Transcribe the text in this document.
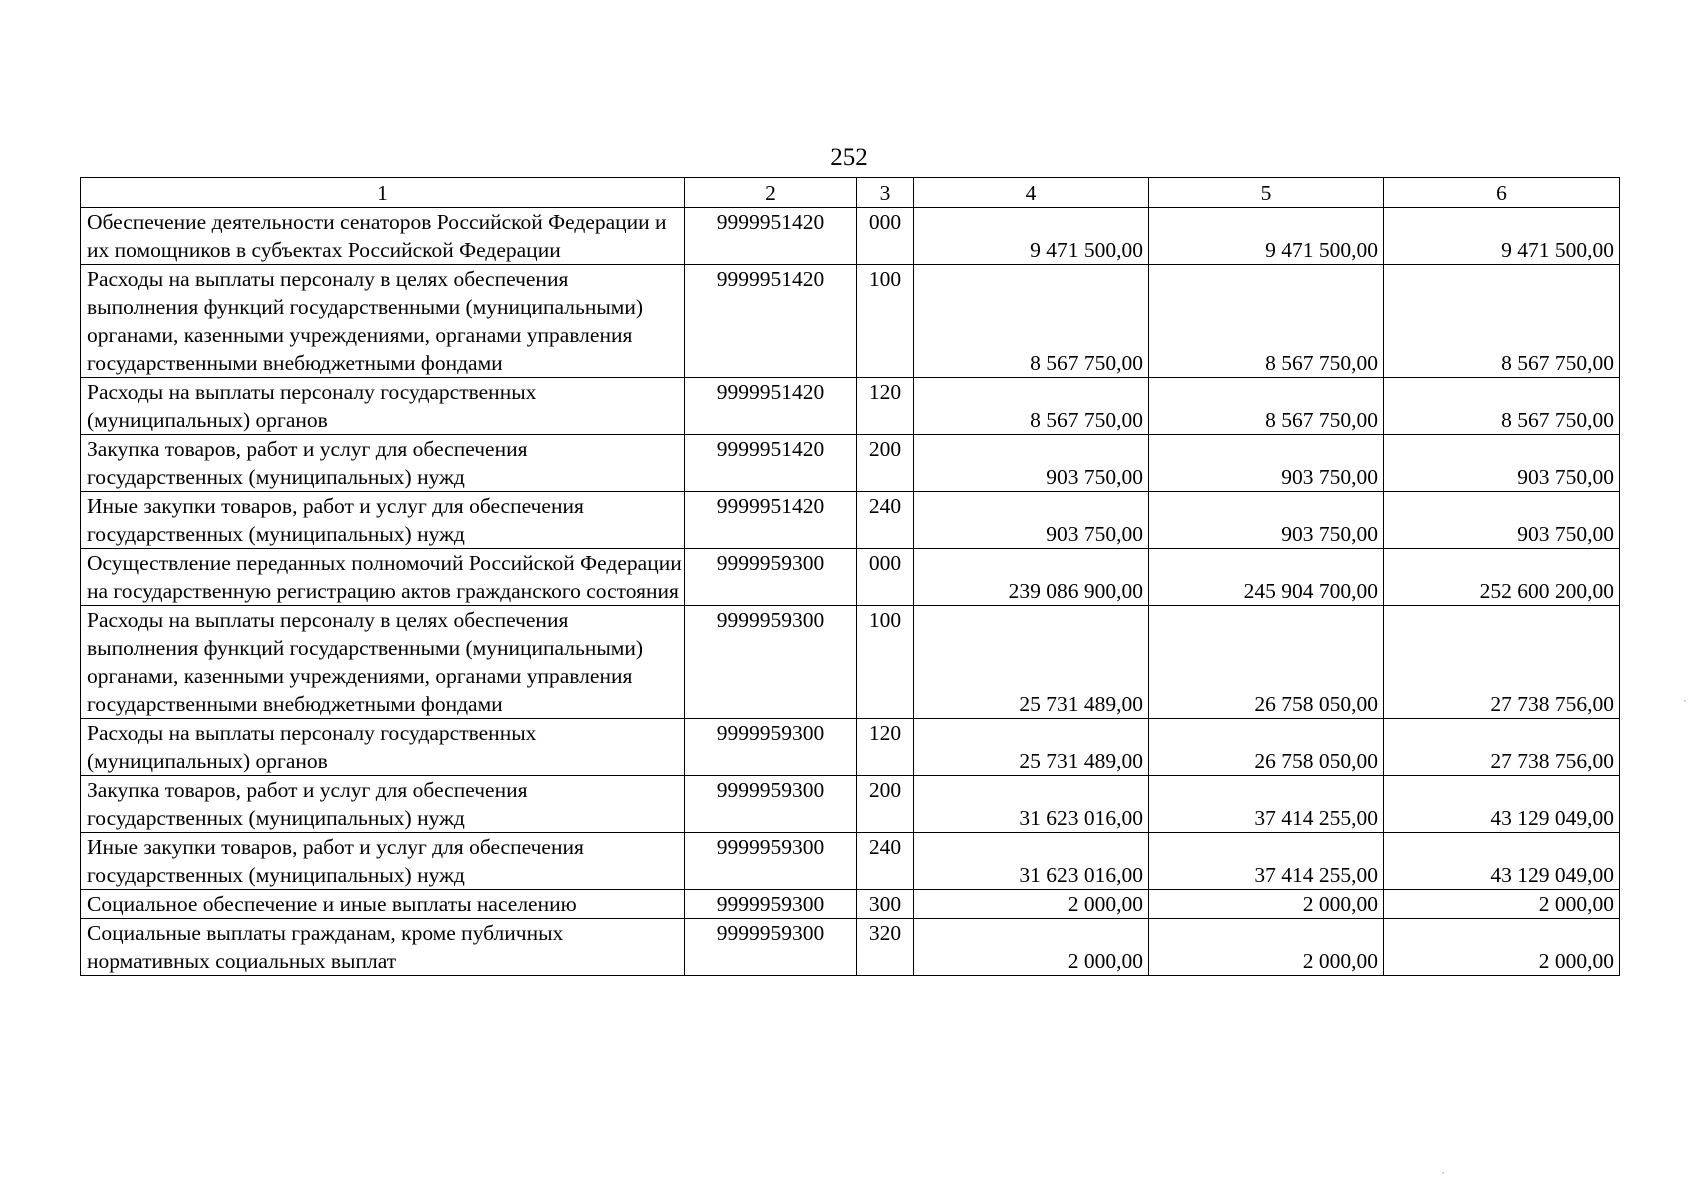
252
1	2	3	4	5	6
Обеспечение деятельности сенаторов Российской Федерации и их помощников в субъектах Российской Федерации	9999951420	000	9 471 500,00	9 471 500,00	9 471 500,00
Расходы на выплаты персоналу в целях обеспечения выполнения функций государственными (муниципальными) органами, казенными учреждениями, органами управления государственными внебюджетными фондами	9999951420	100	8 567 750,00	8 567 750,00	8 567 750,00
Расходы на выплаты персоналу государственных (муниципальных) органов	9999951420	120	8 567 750,00	8 567 750,00	8 567 750,00
Закупка товаров, работ и услуг для обеспечения государственных (муниципальных) нужд	9999951420	200	903 750,00	903 750,00	903 750,00
Иные закупки товаров, работ и услуг для обеспечения государственных (муниципальных) нужд	9999951420	240	903 750,00	903 750,00	903 750,00
Осуществление переданных полномочий Российской Федерации на государственную регистрацию актов гражданского состояния	9999959300	000	239 086 900,00	245 904 700,00	252 600 200,00
Расходы на выплаты персоналу в целях обеспечения выполнения функций государственными (муниципальными) органами, казенными учреждениями, органами управления государственными внебюджетными фондами	9999959300	100	25 731 489,00	26 758 050,00	27 738 756,00
Расходы на выплаты персоналу государственных (муниципальных) органов	9999959300	120	25 731 489,00	26 758 050,00	27 738 756,00
Закупка товаров, работ и услуг для обеспечения государственных (муниципальных) нужд	9999959300	200	31 623 016,00	37 414 255,00	43 129 049,00
Иные закупки товаров, работ и услуг для обеспечения государственных (муниципальных) нужд	9999959300	240	31 623 016,00	37 414 255,00	43 129 049,00
Социальное обеспечение и иные выплаты населению	9999959300	300	2 000,00	2 000,00	2 000,00
Социальные выплаты гражданам, кроме публичных нормативных социальных выплат	9999959300	320	2 000,00	2 000,00	2 000,00
